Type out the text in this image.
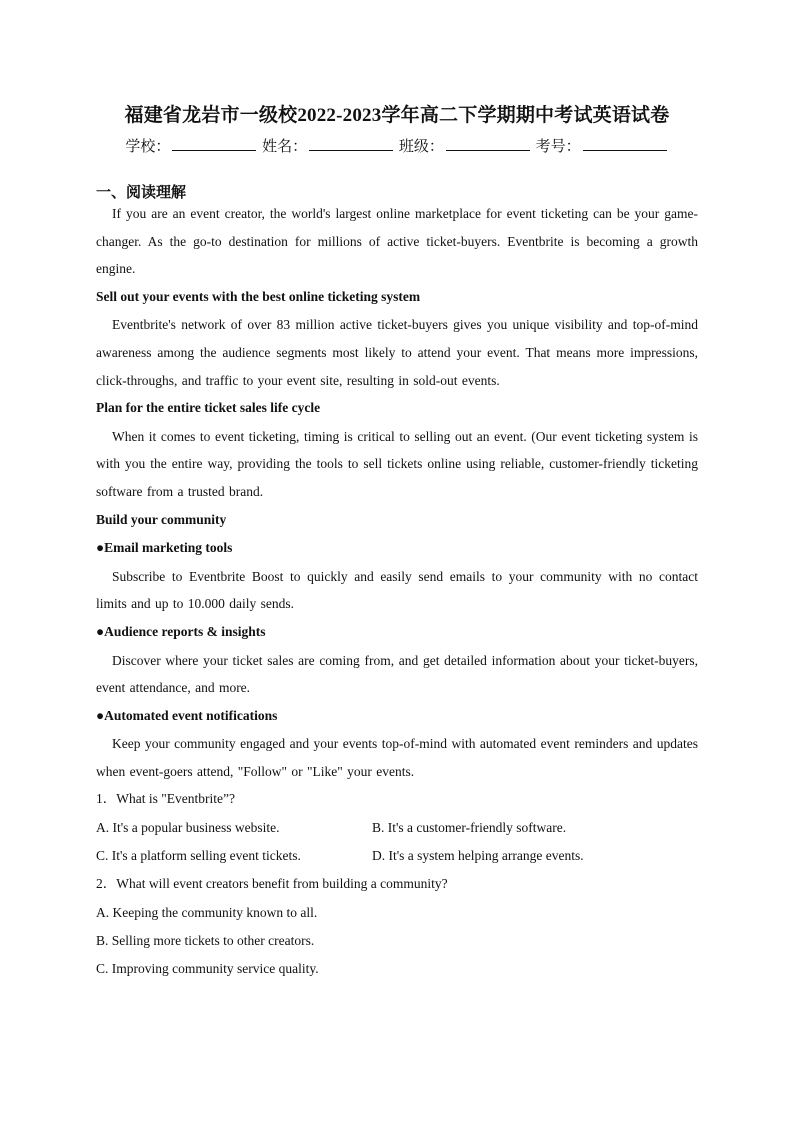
福建省龙岩市一级校2022-2023学年高二下学期期中考试英语试卷
学校：	姓名：	班级：	考号：
一、阅读理解

If you are an event creator, the world's largest online marketplace for event ticketing can be your game-changer. As the go-to destination for millions of active ticket-buyers. Eventbrite is becoming a growth engine.

Sell out your events with the best online ticketing system

Eventbrite's network of over 83 million active ticket-buyers gives you unique visibility and top-of-mind awareness among the audience segments most likely to attend your event. That means more impressions, click-throughs, and traffic to your event site, resulting in sold-out events.

Plan for the entire ticket sales life cycle

When it comes to event ticketing, timing is critical to selling out an event. (Our event ticketing system is with you the entire way, providing the tools to sell tickets online using reliable, customer-friendly ticketing software from a trusted brand.

Build your community

● Email marketing tools

Subscribe to Eventbrite Boost to quickly and easily send emails to your community with no contact limits and up to 10.000 daily sends.

● Audience reports & insights

Discover where your ticket sales are coming from, and get detailed information about your ticket-buyers, event attendance, and more.

● Automated event notifications

Keep your community engaged and your events top-of-mind with automated event reminders and updates when event-goers attend, "Follow" or "Like" your events.

1．What is "Eventbrite”?

A. It's a popular business website.	B. It's a customer-friendly software.
C. It's a platform selling event tickets.	D. It's a system helping arrange events.

2．What will event creators benefit from building a community?

A. Keeping the community known to all.

B. Selling more tickets to other creators.

C. Improving community service quality.
